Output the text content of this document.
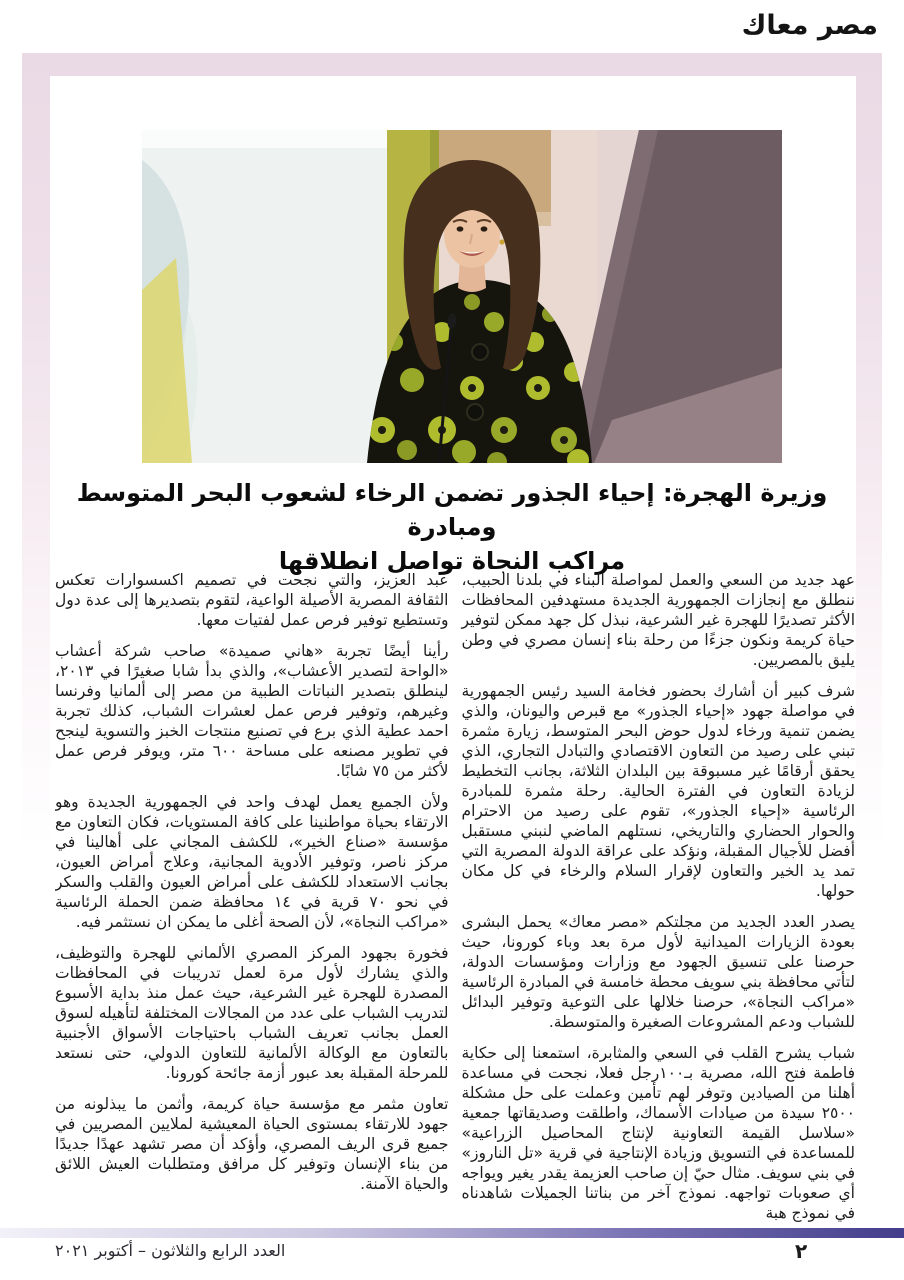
مصر معاك
وزيرة الهجرة: إحياء الجذور تضمن الرخاء لشعوب البحر المتوسط ومبادرة
مراكب النجاة تواصل انطلاقها

عهد جديد من السعي والعمل لمواصلة البناء في بلدنا الحبيب، ننطلق مع إنجازات الجمهورية الجديدة مستهدفين المحافظات الأكثر تصديرًا للهجرة غير الشرعية، نبذل كل جهد ممكن لتوفير حياة كريمة ونكون جزءًا من رحلة بناء إنسان مصري في وطن يليق بالمصريين.

شرف كبير أن أشارك بحضور فخامة السيد رئيس الجمهورية في مواصلة جهود «إحياء الجذور» مع قبرص واليونان، والذي يضمن تنمية ورخاء لدول حوض البحر المتوسط، زيارة مثمرة تبني على رصيد من التعاون الاقتصادي والتبادل التجاري، الذي يحقق أرقامًا غير مسبوقة بين البلدان الثلاثة، بجانب التخطيط لزيادة التعاون في الفترة الحالية. رحلة مثمرة للمبادرة الرئاسية «إحياء الجذور»، تقوم على رصيد من الاحترام والحوار الحضاري والتاريخي، نستلهم الماضي لنبني مستقبل أفضل للأجيال المقبلة، ونؤكد على عراقة الدولة المصرية التي تمد يد الخير والتعاون لإقرار السلام والرخاء في كل مكان حولها.

يصدر العدد الجديد من مجلتكم «مصر معاك» يحمل البشرى بعودة الزيارات الميدانية لأول مرة بعد وباء كورونا، حيث حرصنا على تنسيق الجهود مع وزارات ومؤسسات الدولة، لتأتي محافظة بني سويف محطة خامسة في المبادرة الرئاسية «مراكب النجاة»، حرصنا خلالها على التوعية وتوفير البدائل للشباب ودعم المشروعات الصغيرة والمتوسطة.

شباب يشرح القلب في السعي والمثابرة، استمعنا إلى حكاية فاطمة فتح الله، مصرية بـ١٠٠رجل فعلا، نجحت في مساعدة أهلنا من الصيادين وتوفر لهم تأمين وعملت على حل مشكلة ٢٥٠٠ سيدة من صيادات الأسماك، واطلقت وصديقاتها جمعية «سلاسل القيمة التعاونية لإنتاج المحاصيل الزراعية» للمساعدة في التسويق وزيادة الإنتاجية في قرية «تل الناروز» في بني سويف. مثال حيّ إن صاحب العزيمة يقدر يغير ويواجه أي صعوبات تواجهه. نموذج آخر من بناتنا الجميلات شاهدناه في نموذج هبة

عبد العزيز، والتي نجحت في تصميم اكسسوارات تعكس الثقافة المصرية الأصيلة الواعية، لتقوم بتصديرها إلى عدة دول وتستطيع توفير فرص عمل لفتيات معها.

رأينا أيضًا تجربة «هاني صميدة» صاحب شركة أعشاب «الواحة لتصدير الأعشاب»، والذي بدأ شابا صغيرًا في ٢٠١٣، لينطلق بتصدير النباتات الطبية من مصر إلى ألمانيا وفرنسا وغيرهم، وتوفير فرص عمل لعشرات الشباب، كذلك تجربة احمد عطية الذي برع في تصنيع منتجات الخبز والتسوية لينجح في تطوير مصنعه على مساحة ٦٠٠ متر، ويوفر فرص عمل لأكثر من ٧٥ شابًا.

ولأن الجميع يعمل لهدف واحد في الجمهورية الجديدة وهو الارتقاء بحياة مواطنينا على كافة المستويات، فكان التعاون مع مؤسسة «صناع الخير»، للكشف المجاني على أهالينا في مركز ناصر، وتوفير الأدوية المجانية، وعلاج أمراض العيون، بجانب الاستعداد للكشف على أمراض العيون والقلب والسكر في نحو ٧٠ قرية في ١٤ محافظة ضمن الحملة الرئاسية «مراكب النجاة»، لأن الصحة أغلى ما يمكن ان نستثمر فيه.

فخورة بجهود المركز المصري الألماني للهجرة والتوظيف، والذي يشارك لأول مرة لعمل تدريبات في المحافظات المصدرة للهجرة غير الشرعية، حيث عمل منذ بداية الأسبوع لتدريب الشباب على عدد من المجالات المختلفة لتأهيله لسوق العمل بجانب تعريف الشباب باحتياجات الأسواق الأجنبية بالتعاون مع الوكالة الألمانية للتعاون الدولي، حتى نستعد للمرحلة المقبلة بعد عبور أزمة جائحة كورونا.

تعاون مثمر مع مؤسسة حياة كريمة، وأثمن ما يبذلونه من جهود للارتقاء بمستوى الحياة المعيشية لملايين المصريين في جميع قرى الريف المصري، وأؤكد أن مصر تشهد عهدًا جديدًا من بناء الإنسان وتوفير كل مرافق ومتطلبات العيش اللائق والحياة الآمنة.

العدد الرابع والثلاثون – أكتوبر ٢٠٢١	٢
